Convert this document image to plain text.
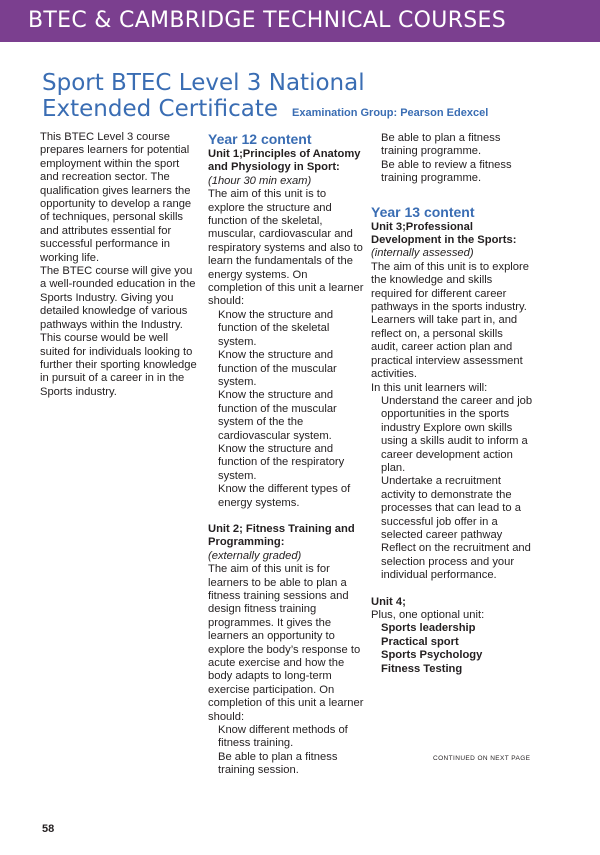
BTEC & CAMBRIDGE TECHNICAL COURSES
Sport BTEC Level 3 National
Extended Certificate Examination Group: Pearson Edexcel

This BTEC Level 3 course prepares learners for potential employment within the sport and recreation sector. The qualification gives learners the opportunity to develop a range of techniques, personal skills and attributes essential for successful performance in working life.

The BTEC course will give you a well-rounded education in the Sports Industry. Giving you detailed knowledge of various pathways within the Industry. This course would be well suited for individuals looking to further their sporting knowledge in pursuit of a career in in the Sports industry.

Year 12 content

Unit 1;Principles of Anatomy and Physiology in Sport:

(1hour 30 min exam)

The aim of this unit is to explore the structure and function of the skeletal, muscular, cardiovascular and respiratory systems and also to learn the fundamentals of the energy systems. On completion of this unit a learner should:

Know the structure and function of the skeletal system.

Know the structure and function of the muscular system.

Know the structure and function of the muscular system of the the cardiovascular system.

Know the structure and function of the respiratory system.

Know the different types of energy systems.

Unit 2; Fitness Training and Programming:

(externally graded)

The aim of this unit is for learners to be able to plan a fitness training sessions and design fitness training programmes. It gives the learners an opportunity to explore the body’s response to acute exercise and how the body adapts to long-term exercise participation. On completion of this unit a learner should:

Know different methods of fitness training.

Be able to plan a fitness training session.

Be able to plan a fitness training programme.

Be able to review a fitness training programme.

Year 13 content

Unit 3;Professional Development in the Sports:

(internally assessed)

The aim of this unit is to explore the knowledge and skills required for different career pathways in the sports industry. Learners will take part in, and reflect on, a personal skills audit, career action plan and practical interview assessment activities.

In this unit learners will:

Understand the career and job opportunities in the sports industry Explore own skills using a skills audit to inform a career development action plan.

Undertake a recruitment activity to demonstrate the processes that can lead to a successful job offer in a selected career pathway Reflect on the recruitment and selection process and your individual performance.

Unit 4;

Plus, one optional unit:

Sports leadership

Practical sport

Sports Psychology

Fitness Testing

CONTINUED ON NEXT PAGE
58
